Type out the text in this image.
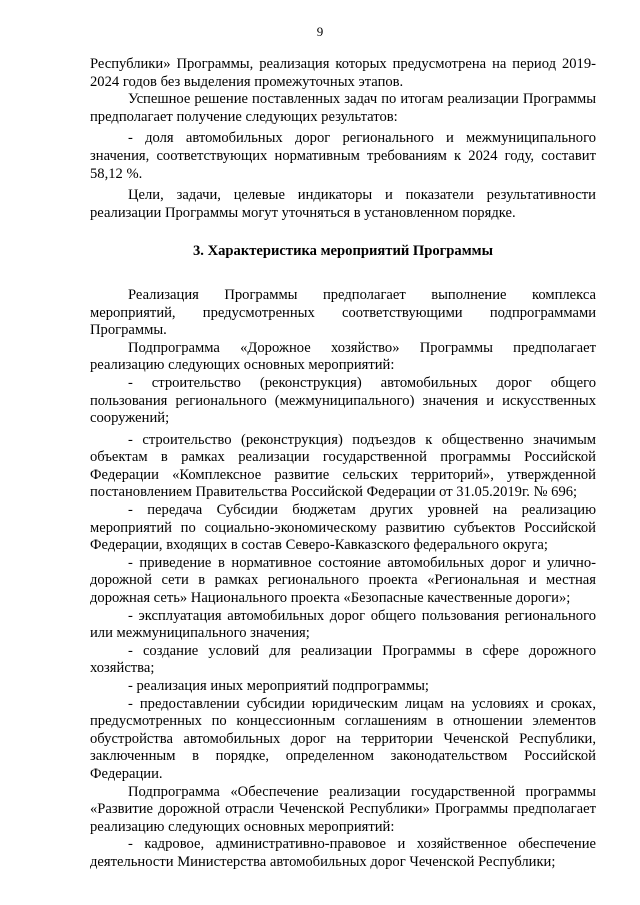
9

Республики» Программы, реализация которых предусмотрена на период 2019-2024 годов без выделения промежуточных этапов.

Успешное решение поставленных задач по итогам реализации Программы предполагает получение следующих результатов:

- доля автомобильных дорог регионального и межмуниципального значения, соответствующих нормативным требованиям к 2024 году, составит 58,12 %.

Цели, задачи, целевые индикаторы и показатели результативности реализации Программы могут уточняться в установленном порядке.

3. Характеристика мероприятий Программы

Реализация Программы предполагает выполнение комплекса мероприятий, предусмотренных соответствующими подпрограммами Программы.

Подпрограмма «Дорожное хозяйство» Программы предполагает реализацию следующих основных мероприятий:

- строительство (реконструкция) автомобильных дорог общего пользования регионального (межмуниципального) значения и искусственных сооружений;

- строительство (реконструкция) подъездов к общественно значимым объектам в рамках реализации государственной программы Российской Федерации «Комплексное развитие сельских территорий», утвержденной постановлением Правительства Российской Федерации от 31.05.2019г. № 696;

- передача Субсидии бюджетам других уровней на реализацию мероприятий по социально-экономическому развитию субъектов Российской Федерации, входящих в состав Северо-Кавказского федерального округа;

- приведение в нормативное состояние автомобильных дорог и улично-дорожной сети в рамках регионального проекта «Региональная и местная дорожная сеть» Национального проекта «Безопасные качественные дороги»;

- эксплуатация автомобильных дорог общего пользования регионального или межмуниципального значения;

- создание условий для реализации Программы в сфере дорожного хозяйства;

- реализация иных мероприятий подпрограммы;

- предоставлении субсидии юридическим лицам на условиях и сроках, предусмотренных по концессионным соглашениям в отношении элементов обустройства автомобильных дорог на территории Чеченской Республики, заключенным в порядке, определенном законодательством Российской Федерации.

Подпрограмма «Обеспечение реализации государственной программы «Развитие дорожной отрасли Чеченской Республики» Программы предполагает реализацию следующих основных мероприятий:

- кадровое, административно-правовое и хозяйственное обеспечение деятельности Министерства автомобильных дорог Чеченской Республики;
